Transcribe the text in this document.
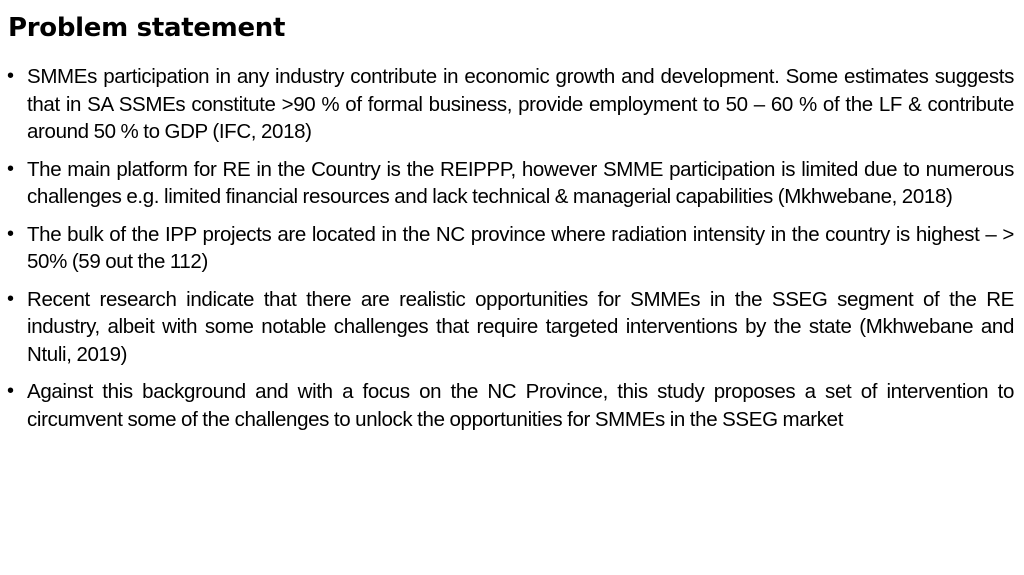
Problem statement
• SMMEs participation in any industry contribute in economic growth and development. Some estimates suggests that in SA SSMEs constitute >90 % of formal business, provide employment to 50 – 60 % of the LF & contribute around 50 % to GDP (IFC, 2018)
• The main platform for RE in the Country is the REIPPP, however SMME participation is limited due to numerous challenges e.g. limited financial resources and lack technical & managerial capabilities (Mkhwebane, 2018)
• The bulk of the IPP projects are located in the NC province where radiation intensity in the country is highest – > 50% (59 out the 112)
• Recent research indicate that there are realistic opportunities for SMMEs in the SSEG segment of the RE industry, albeit with some notable challenges that require targeted interventions by the state (Mkhwebane and Ntuli, 2019)
• Against this background and with a focus on the NC Province, this study proposes a set of intervention to circumvent some of the challenges to unlock the opportunities for SMMEs in the SSEG market
